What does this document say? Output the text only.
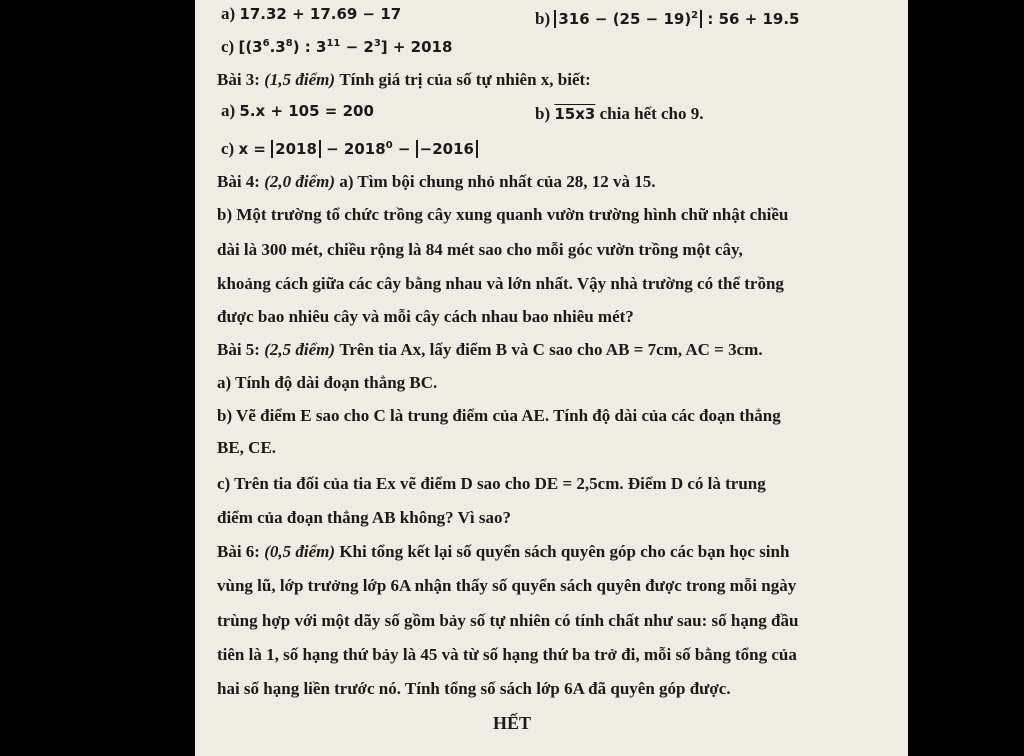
a) 17.32 + 17.69 − 17	b) $316 - (25 - 19)^2$ : 56 + 19.5
c) [$(3^6.3^8)$ : $3^{11} - 2^3] + 2018$
Bài 3: (1,5 điểm) Tính giá trị của số tự nhiên x, biết:
a) 5.x + 105 = 200	b) 15x3 chia hết cho 9.
c) $x = 2018 - 2018^0 - -2016$
Bài 4: (2,0 điểm) a) Tìm bội chung nhỏ nhất của 28, 12 và 15.
b) Một trường tổ chức trồng cây xung quanh vườn trường hình chữ nhật chiều
dài là 300 mét, chiều rộng là 84 mét sao cho mỗi góc vườn trồng một cây,
khoảng cách giữa các cây bằng nhau và lớn nhất. Vậy nhà trường có thể trồng
được bao nhiêu cây và mỗi cây cách nhau bao nhiêu mét?
Bài 5: (2,5 điểm) Trên tia Ax, lấy điểm B và C sao cho AB = 7cm, AC = 3cm.
a) Tính độ dài đoạn thẳng BC.
b) Vẽ điểm E sao cho C là trung điểm của AE. Tính độ dài của các đoạn thẳng
BE, CE.
c) Trên tia đối của tia Ex vẽ điểm D sao cho DE = 2,5cm. Điểm D có là trung
điểm của đoạn thẳng AB không? Vì sao?
Bài 6: (0,5 điểm) Khi tổng kết lại số quyển sách quyên góp cho các bạn học sinh
vùng lũ, lớp trưởng lớp 6A nhận thấy số quyển sách quyên được trong mỗi ngày
trùng hợp với một dãy số gồm bảy số tự nhiên có tính chất như sau: số hạng đầu
tiên là 1, số hạng thứ bảy là 45 và từ số hạng thứ ba trở đi, mỗi số bằng tổng của
hai số hạng liền trước nó. Tính tổng số sách lớp 6A đã quyên góp được.
HẾT
